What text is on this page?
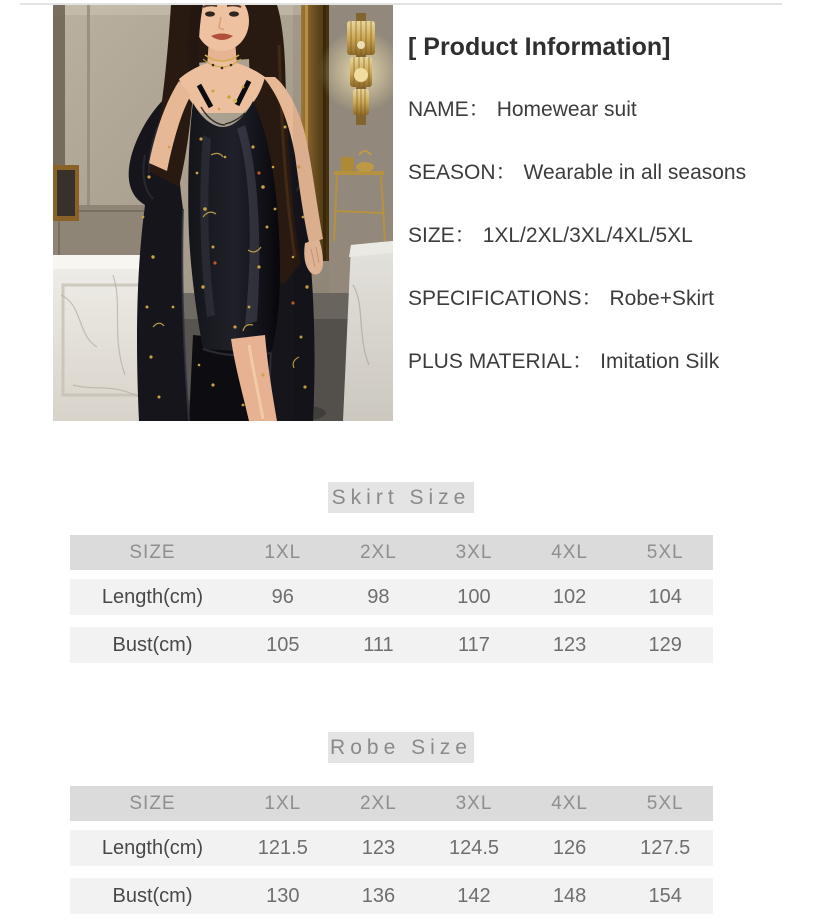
[ Product Information]
NAME： Homewear suit
SEASON： Wearable in all seasons
SIZE： 1XL/2XL/3XL/4XL/5XL
SPECIFICATIONS： Robe+Skirt
PLUS MATERIAL： Imitation Silk
Skirt Size
SIZE	1XL	2XL	3XL	4XL	5XL
Length(cm)	96	98	100	102	104
Bust(cm)	105	111	117	123	129
Robe Size
SIZE	1XL	2XL	3XL	4XL	5XL
Length(cm)	121.5	123	124.5	126	127.5
Bust(cm)	130	136	142	148	154
